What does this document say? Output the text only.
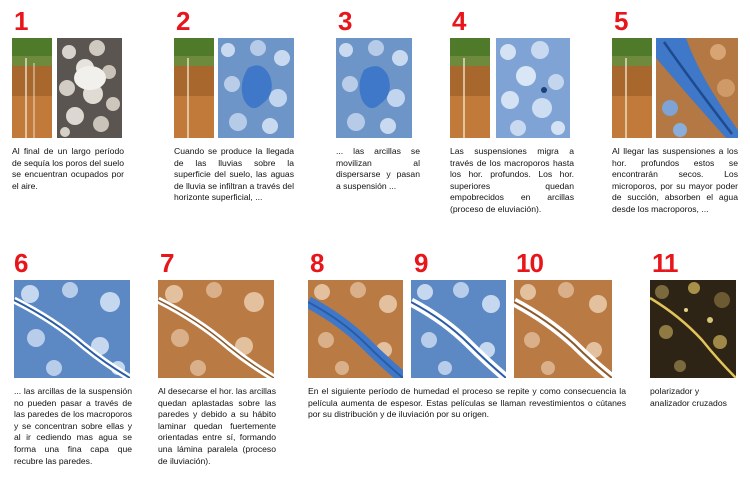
1
Al final de un largo período de sequía los poros del suelo se encuentran ocupados por el aire.
2
Cuando se produce la llegada de las lluvias sobre la superficie del suelo, las aguas de lluvia se infiltran a través del horizonte superficial, ...
3
... las arcillas se movilizan al dispersarse y pasan a suspensión ...
4
Las suspensiones migra a través de los macroporos hasta los hor. profundos. Los hor. superiores quedan empobrecidos en arcillas (proceso de eluviación).
5
Al llegar las suspensiones a los hor. profundos estos se encontrarán secos. Los microporos, por su mayor poder de succión, absorben el agua desde los macroporos, ...
6
... las arcillas de la suspensión no pueden pasar a través de las paredes de los macroporos y se concentran sobre ellas y al ir cediendo mas agua se forma una fina capa que recubre las paredes.
7
Al desecarse el hor. las arcillas quedan aplastadas sobre las paredes y debido a su hábito laminar quedan fuertemente orientadas entre sí, formando una lámina paralela (proceso de iluviación).
8
En el siguiente período de humedad el proceso se repite y como consecuencia la película aumenta de espesor. Estas películas se llaman revestimientos o cútanes por su distribución y de iluviación por su origen.
9	10	11
polarizador y analizador cruzados
